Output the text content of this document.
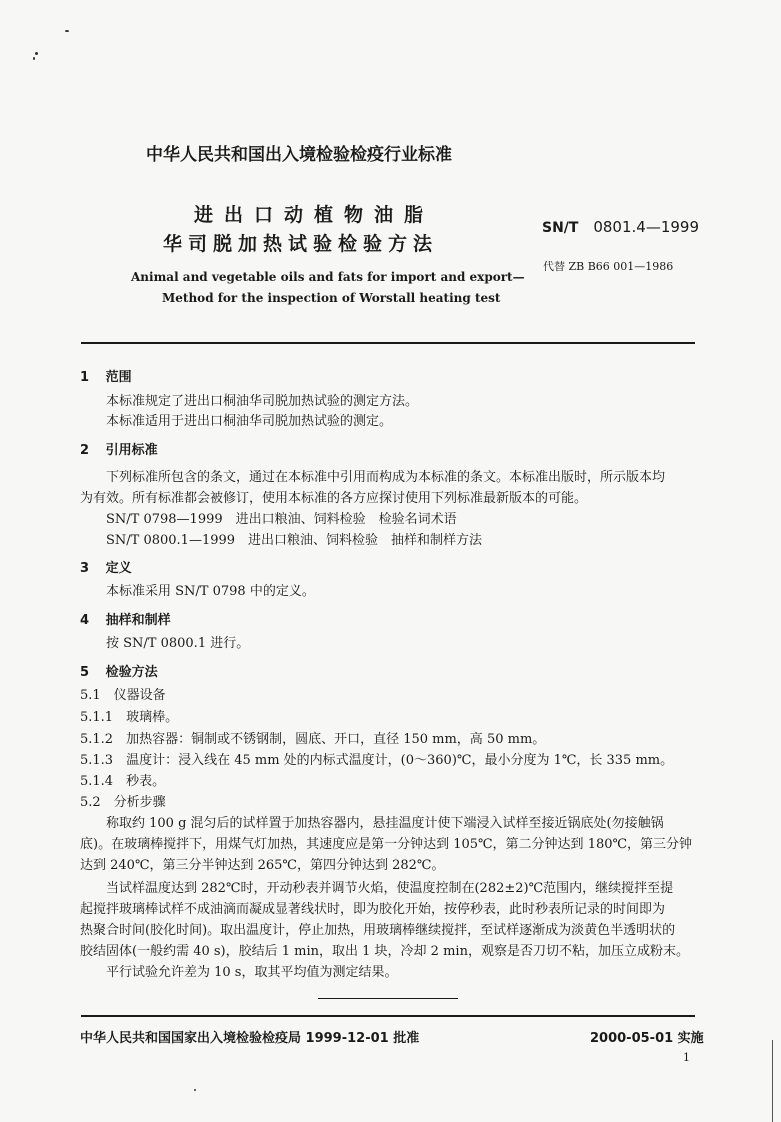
中华人民共和国出入境检验检疫行业标准
进出口动植物油脂
华司脱加热试验检验方法
SN/T 0801.4—1999
代替 ZB B66 001—1986
Animal and vegetable oils and fats for import and export—
Method for the inspection of Worstall heating test
1 范围
本标准规定了进出口桐油华司脱加热试验的测定方法。
本标准适用于进出口桐油华司脱加热试验的测定。
2 引用标准
下列标准所包含的条文，通过在本标准中引用而构成为本标准的条文。本标准出版时，所示版本均
为有效。所有标准都会被修订，使用本标准的各方应探讨使用下列标准最新版本的可能。
SN/T 0798—1999　进出口粮油、饲料检验　检验名词术语
SN/T 0800.1—1999　进出口粮油、饲料检验　抽样和制样方法
3 定义
本标准采用 SN/T 0798 中的定义。
4 抽样和制样
按 SN/T 0800.1 进行。
5 检验方法
5.1　仪器设备
5.1.1　玻璃棒。
5.1.2　加热容器：铜制或不锈钢制，圆底、开口，直径 150 mm，高 50 mm。
5.1.3　温度计：浸入线在 45 mm 处的内标式温度计，(0～360)℃，最小分度为 1℃，长 335 mm。
5.1.4　秒表。
5.2　分析步骤
称取约 100 g 混匀后的试样置于加热容器内，悬挂温度计使下端浸入试样至接近锅底处(勿接触锅
底)。在玻璃棒搅拌下，用煤气灯加热，其速度应是第一分钟达到 105℃，第二分钟达到 180℃，第三分钟
达到 240℃，第三分半钟达到 265℃，第四分钟达到 282℃。
当试样温度达到 282℃时，开动秒表并调节火焰，使温度控制在(282±2)℃范围内，继续搅拌至提
起搅拌玻璃棒试样不成油滴而凝成显著线状时，即为胶化开始，按停秒表，此时秒表所记录的时间即为
热聚合时间(胶化时间)。取出温度计，停止加热，用玻璃棒继续搅拌，至试样逐渐成为淡黄色半透明状的
胶结固体(一般约需 40 s)，胶结后 1 min，取出 1 块，冷却 2 min，观察是否刀切不粘，加压立成粉末。
平行试验允许差为 10 s，取其平均值为测定结果。
中华人民共和国国家出入境检验检疫局 1999-12-01 批准	2000-05-01 实施
1
